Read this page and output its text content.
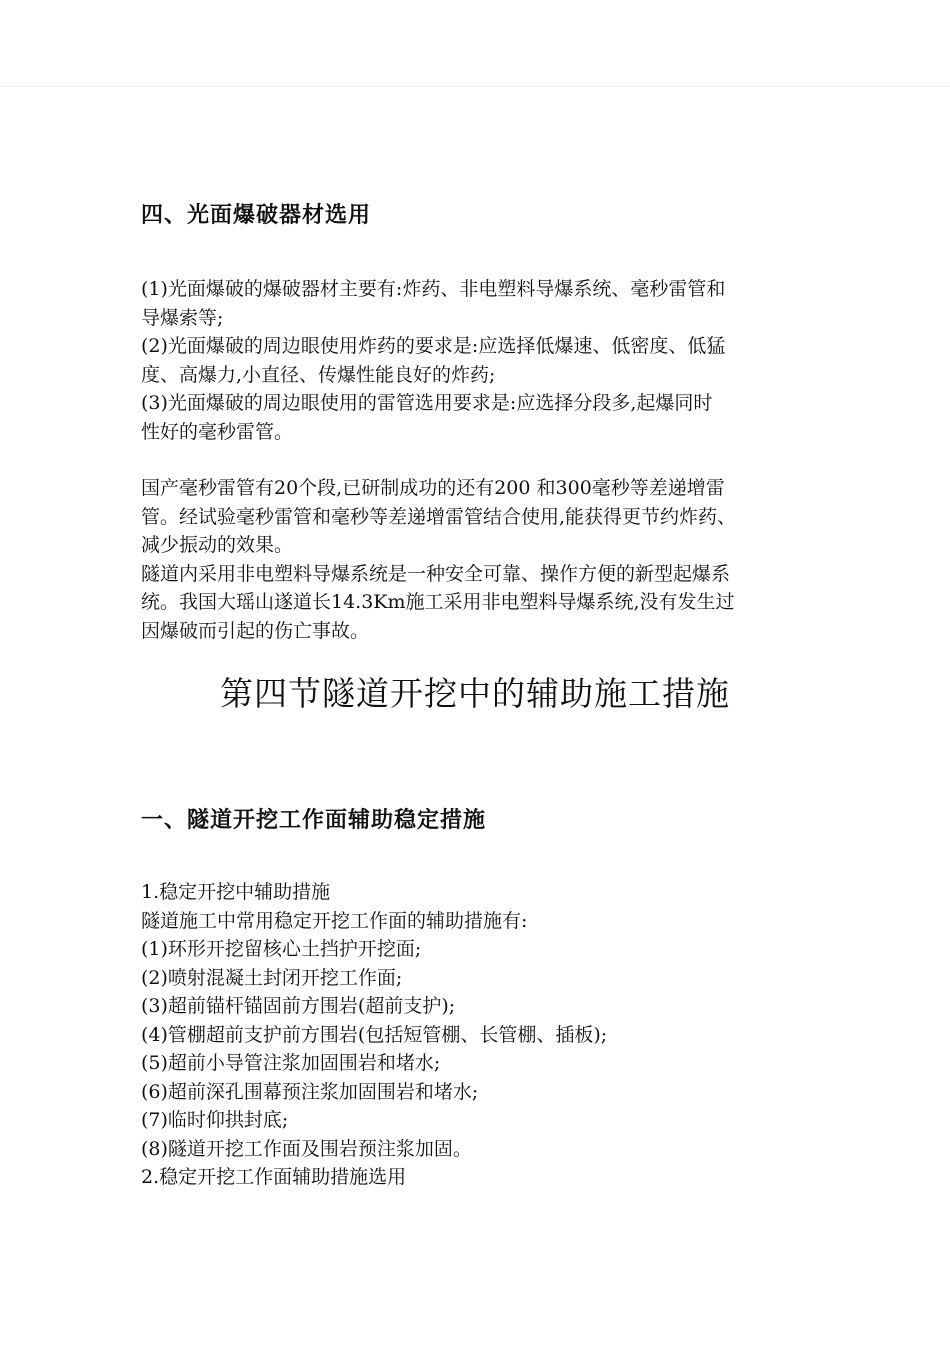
四、光面爆破器材选用

(1)光面爆破的爆破器材主要有:炸药、非电塑料导爆系统、毫秒雷管和
导爆索等;
(2)光面爆破的周边眼使用炸药的要求是:应选择低爆速、低密度、低猛
度、高爆力,小直径、传爆性能良好的炸药;
(3)光面爆破的周边眼使用的雷管选用要求是:应选择分段多,起爆同时
性好的毫秒雷管。

国产毫秒雷管有20个段,已研制成功的还有200 和300毫秒等差递增雷
管。经试验毫秒雷管和毫秒等差递增雷管结合使用,能获得更节约炸药、
减少振动的效果。
隧道内采用非电塑料导爆系统是一种安全可靠、操作方便的新型起爆系
统。我国大瑶山遂道长14.3Km施工采用非电塑料导爆系统,没有发生过
因爆破而引起的伤亡事故。

第四节隧道开挖中的辅助施工措施
一、隧道开挖工作面辅助稳定措施
1.稳定开挖中辅助措施
隧道施工中常用稳定开挖工作面的辅助措施有:
(1)环形开挖留核心土挡护开挖面;
(2)喷射混凝土封闭开挖工作面;
(3)超前锚杆锚固前方围岩(超前支护);
(4)管棚超前支护前方围岩(包括短管棚、长管棚、插板);
(5)超前小导管注浆加固围岩和堵水;
(6)超前深孔围幕预注浆加固围岩和堵水;
(7)临时仰拱封底;
(8)隧道开挖工作面及围岩预注浆加固。
2.稳定开挖工作面辅助措施选用
